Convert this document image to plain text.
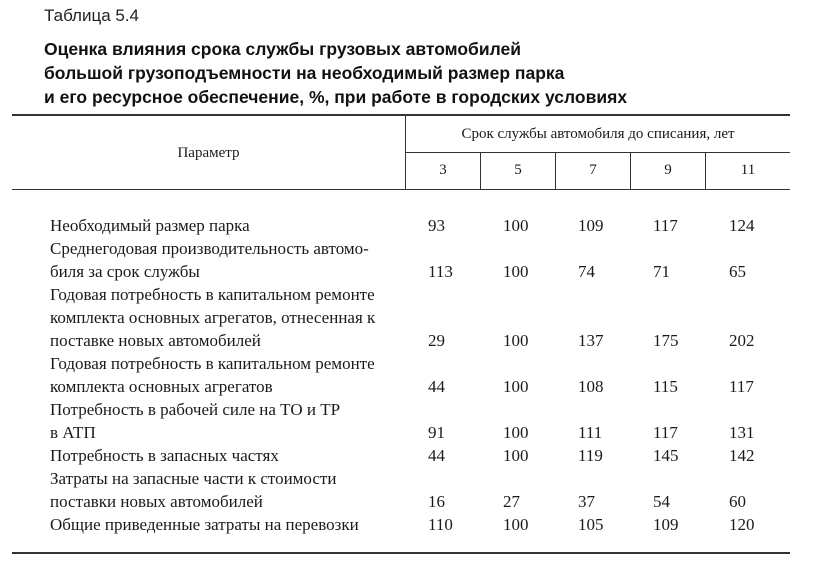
Таблица 5.4
Оценка влияния срока службы грузовых автомобилей
большой грузоподъемности на необходимый размер парка
и его ресурсное обеспечение, %, при работе в городских условиях
Параметр
Срок службы автомобиля до списания, лет
3	5	7	9	11
Необходимый размер парка	93	100	109	117	124
Среднегодовая производительность автомо-
биля за срок службы	113	100	74	71	65
Годовая потребность в капитальном ремонте
комплекта основных агрегатов, отнесенная к
поставке новых автомобилей	29	100	137	175	202
Годовая потребность в капитальном ремонте
комплекта основных агрегатов	44	100	108	115	117
Потребность в рабочей силе на ТО и ТР
в АТП	91	100	111	117	131
Потребность в запасных частях	44	100	119	145	142
Затраты на запасные части к стоимости
поставки новых автомобилей	16	27	37	54	60
Общие приведенные затраты на перевозки	110	100	105	109	120
